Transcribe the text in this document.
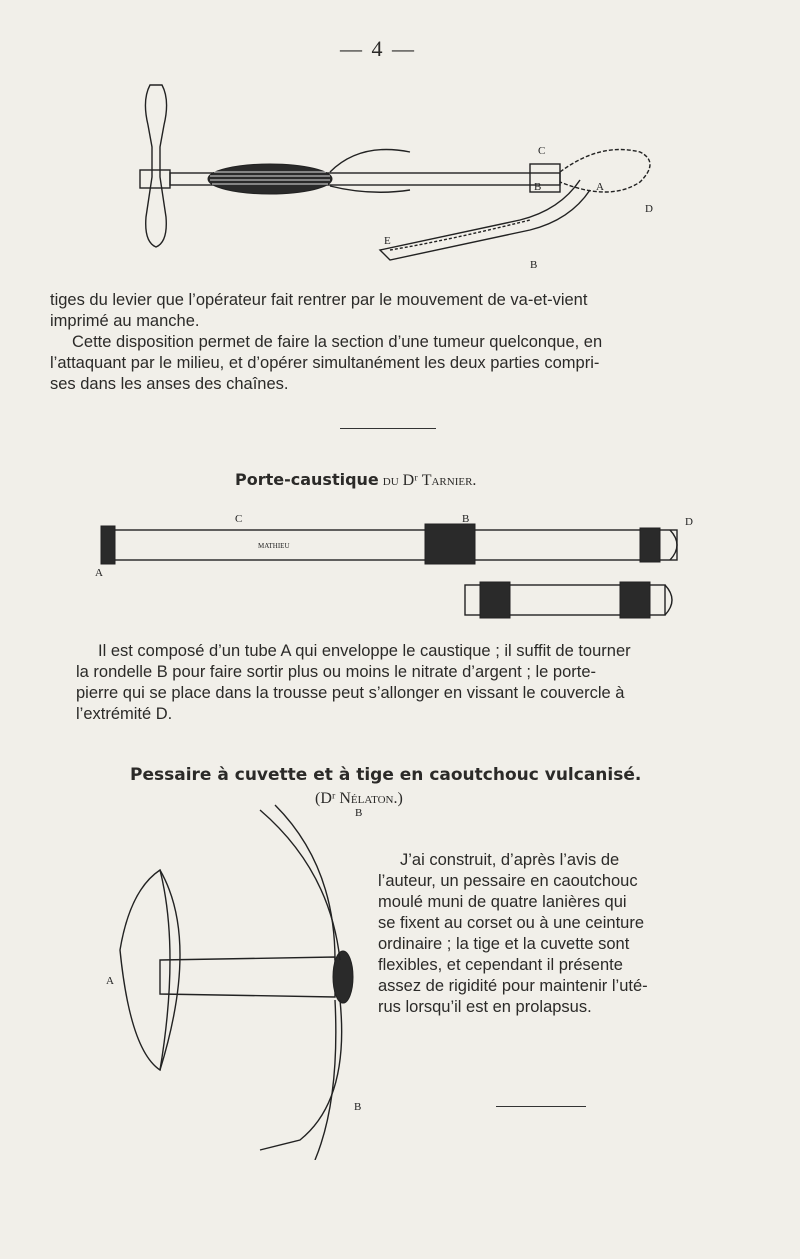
— 4 —
C
B	A
D
E
B

tiges du levier que l’opérateur fait rentrer par le mouvement de va-et-vient

imprimé au manche.

Cette disposition permet de faire la section d’une tumeur quelconque, en

l’attaquant par le milieu, et d’opérer simultanément les deux parties compri-

ses dans les anses des chaînes.

Porte-caustique du Dʳ Tarnier.
MATHIEU
C	B
A
D

Il est composé d’un tube A qui enveloppe le caustique ; il suffit de tourner

la rondelle B pour faire sortir plus ou moins le nitrate d’argent ; le porte-

pierre qui se place dans la trousse peut s’allonger en vissant le couvercle à

l’extrémité D.

Pessaire à cuvette et à tige en caoutchouc vulcanisé.
(Dʳ Nélaton.)
A
B
B

J’ai construit, d’après l’avis de

l’auteur, un pessaire en caoutchouc

moulé muni de quatre lanières qui

se fixent au corset ou à une ceinture

ordinaire ; la tige et la cuvette sont

flexibles, et cependant il présente

assez de rigidité pour maintenir l’uté-

rus lorsqu’il est en prolapsus.
